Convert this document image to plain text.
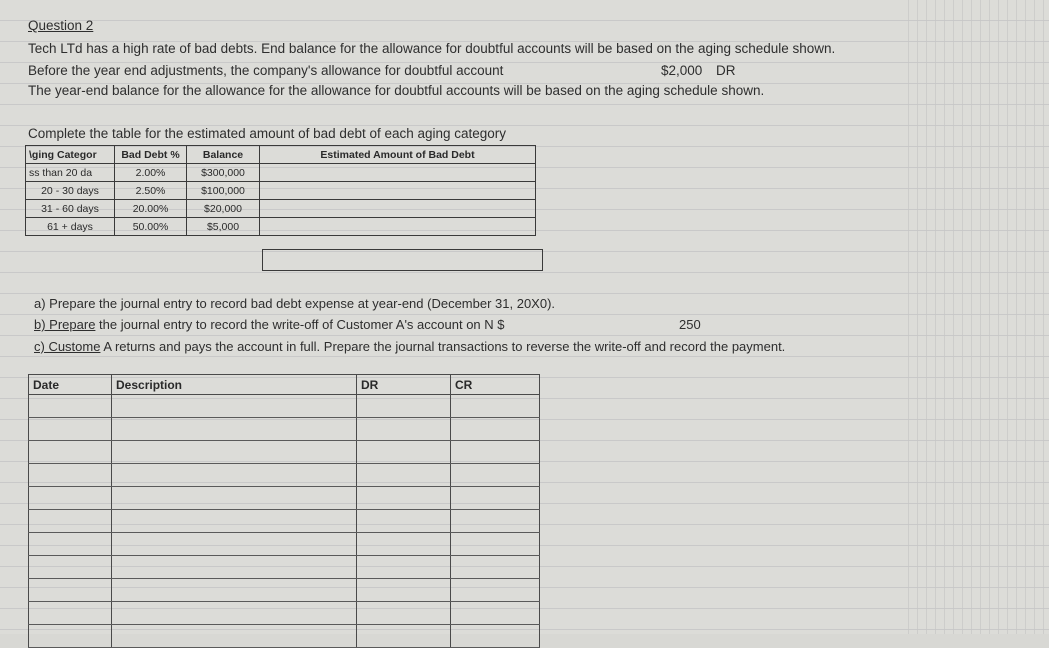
Question 2
Tech LTd has a high rate of bad debts. End balance for the allowance for doubtful accounts will be based on the aging schedule shown.
Before the year end adjustments, the company's allowance for doubtful account	$2,000 DR
The year-end balance for the allowance for the allowance for doubtful accounts will be based on the aging schedule shown.
Complete the table for the estimated amount of bad debt of each aging category
\ging Categor	Bad Debt %	Balance	Estimated Amount of Bad Debt
ss than 20 da	2.00%	$300,000	
20 - 30 days	2.50%	$100,000	
31 - 60 days	20.00%	$20,000	
61 + days	50.00%	$5,000	
a) Prepare the journal entry to record bad debt expense at year-end (December 31, 20X0).
b) Prepare the journal entry to record the write-off of Customer A's account on N $	250
c) Custome A returns and pays the account in full. Prepare the journal transactions to reverse the write-off and record the payment.
Date	Description	DR	CR
